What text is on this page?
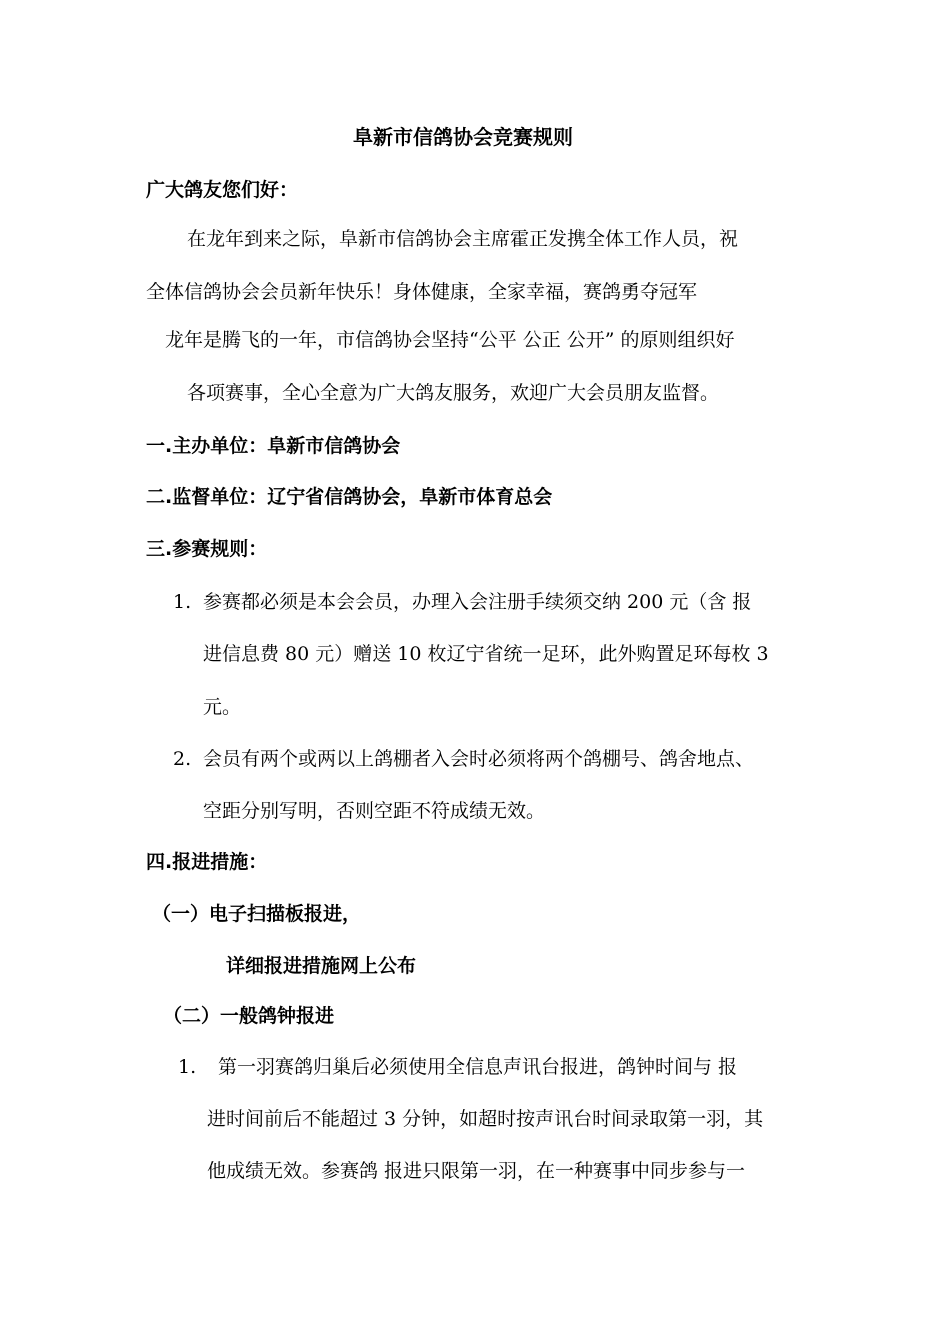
阜新市信鸽协会竞赛规则
广大鸽友您们好：
在龙年到来之际，阜新市信鸽协会主席霍正发携全体工作人员，祝
全体信鸽协会会员新年快乐！身体健康，全家幸福，赛鸽勇夺冠军
龙年是腾飞的一年，市信鸽协会坚持“公平 公正 公开” 的原则组织好
各项赛事，全心全意为广大鸽友服务，欢迎广大会员朋友监督。
一.主办单位：阜新市信鸽协会
二.监督单位：辽宁省信鸽协会，阜新市体育总会
三.参赛规则：
1. 参赛都必须是本会会员，办理入会注册手续须交纳 200 元（含 报
进信息费 80 元）赠送 10 枚辽宁省统一足环，此外购置足环每枚 3
元。
2. 会员有两个或两以上鸽棚者入会时必须将两个鸽棚号、鸽舍地点、
空距分别写明，否则空距不符成绩无效。
四.报进措施：
（一）电子扫描板报进，
详细报进措施网上公布
（二）一般鸽钟报进
1. 第一羽赛鸽归巢后必须使用全信息声讯台报进，鸽钟时间与 报
进时间前后不能超过 3 分钟，如超时按声讯台时间录取第一羽，其
他成绩无效。参赛鸽 报进只限第一羽，在一种赛事中同步参与一
